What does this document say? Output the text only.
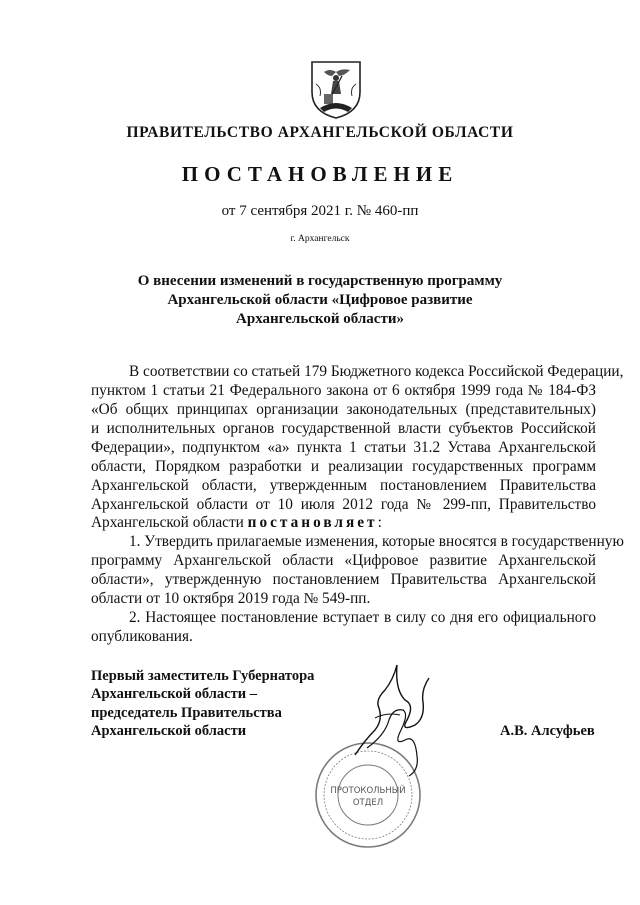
ПРАВИТЕЛЬСТВО АРХАНГЕЛЬСКОЙ ОБЛАСТИ
ПОСТАНОВЛЕНИЕ
от 7 сентября 2021 г. № 460-пп
г. Архангельск
О внесении изменений в государственную программу
Архангельской области «Цифровое развитие
Архангельской области»
В соответствии со статьей 179 Бюджетного кодекса Российской Федерации,
пунктом 1 статьи 21 Федерального закона от 6 октября 1999 года № 184-ФЗ
«Об общих принципах организации законодательных (представительных)
и исполнительных органов государственной власти субъектов Российской
Федерации», подпунктом «а» пункта 1 статьи 31.2 Устава Архангельской
области, Порядком разработки и реализации государственных программ
Архангельской области, утвержденным постановлением Правительства
Архангельской области от 10 июля 2012 года № 299-пп, Правительство
Архангельской области постановляет:
1. Утвердить прилагаемые изменения, которые вносятся в государственную
программу Архангельской области «Цифровое развитие Архангельской
области», утвержденную постановлением Правительства Архангельской
области от 10 октября 2019 года № 549-пп.
2. Настоящее постановление вступает в силу со дня его официального
опубликования.
Первый заместитель Губернатора
Архангельской области –
председатель Правительства
Архангельской области	А.В. Алсуфьев
ПРОТОКОЛЬНЫЙ
ОТДЕЛ
